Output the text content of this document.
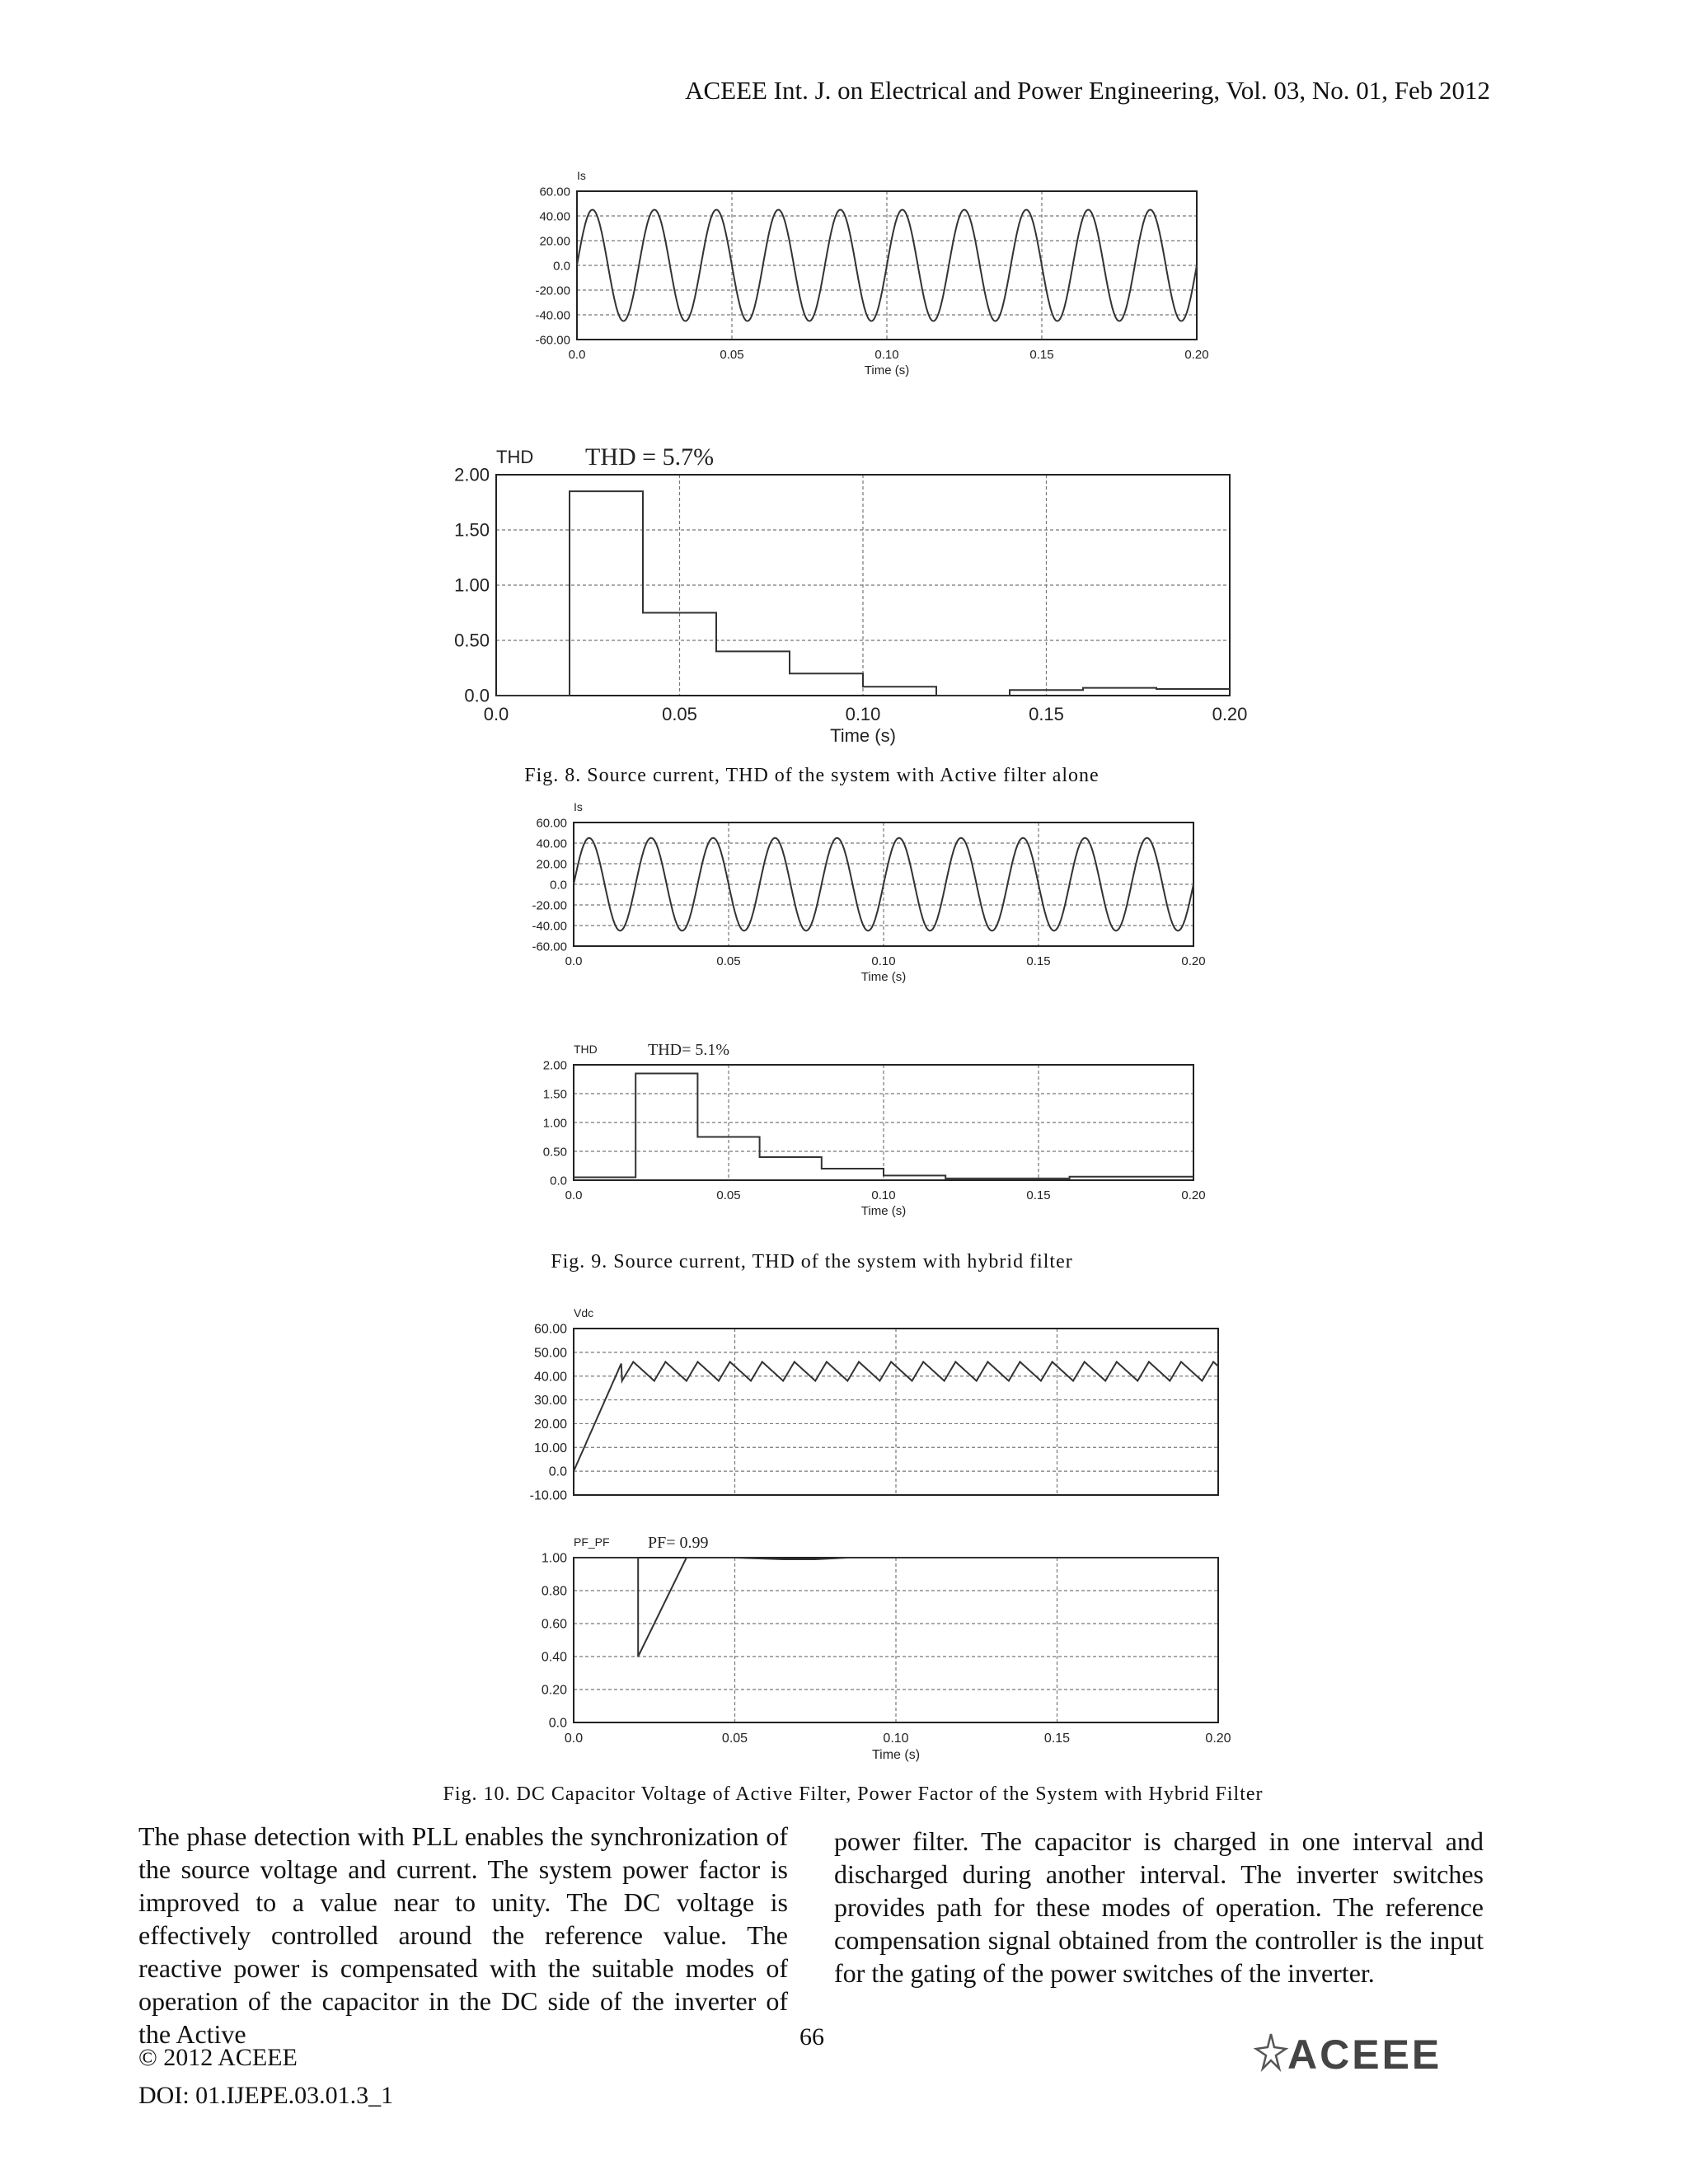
ACEEE Int. J. on Electrical and Power Engineering, Vol. 03, No. 01, Feb 2012
Is
60.00
40.00
20.00
0.0
-20.00
-40.00
-60.00
0.0	0.05	0.10	0.15	0.20
Time (s)
THD THD = 5.7%
2.00
1.50
1.00
0.50
0.0
0.0	0.05	0.10	0.15	0.20
Time (s)
Fig. 8. Source current, THD of the system with Active filter alone
Is
60.00
40.00
20.00
0.0
-20.00
-40.00
-60.00
0.0	0.05	0.10	0.15	0.20
Time (s)
THD	THD= 5.1%
2.00
1.50
1.00
0.50
0.0
0.0	0.05	0.10	0.15	0.20
Time (s)
Fig. 9. Source current, THD of the system with hybrid filter
Vdc
60.00
50.00
40.00
30.00
20.00
10.00
0.0
-10.00
PF_PF PF= 0.99
1.00
0.80
0.60
0.40
0.20
0.0
0.0	0.05	0.10	0.15	0.20
Time (s)
Fig. 10. DC Capacitor Voltage of Active Filter, Power Factor of the System with Hybrid Filter
The phase detection with PLL enables the synchronization of the source voltage and current. The system power factor is improved to a value near to unity. The DC voltage is effectively controlled around the reference value. The reactive power is compensated with the suitable modes of operation of the capacitor in the DC side of the inverter of the Active
power filter. The capacitor is charged in one interval and discharged during another interval. The inverter switches provides path for these modes of operation. The reference compensation signal obtained from the controller is the input for the gating of the power switches of the inverter.
66
© 2012 ACEEE
DOI: 01.IJEPE.03.01.3_1
ACEEE
